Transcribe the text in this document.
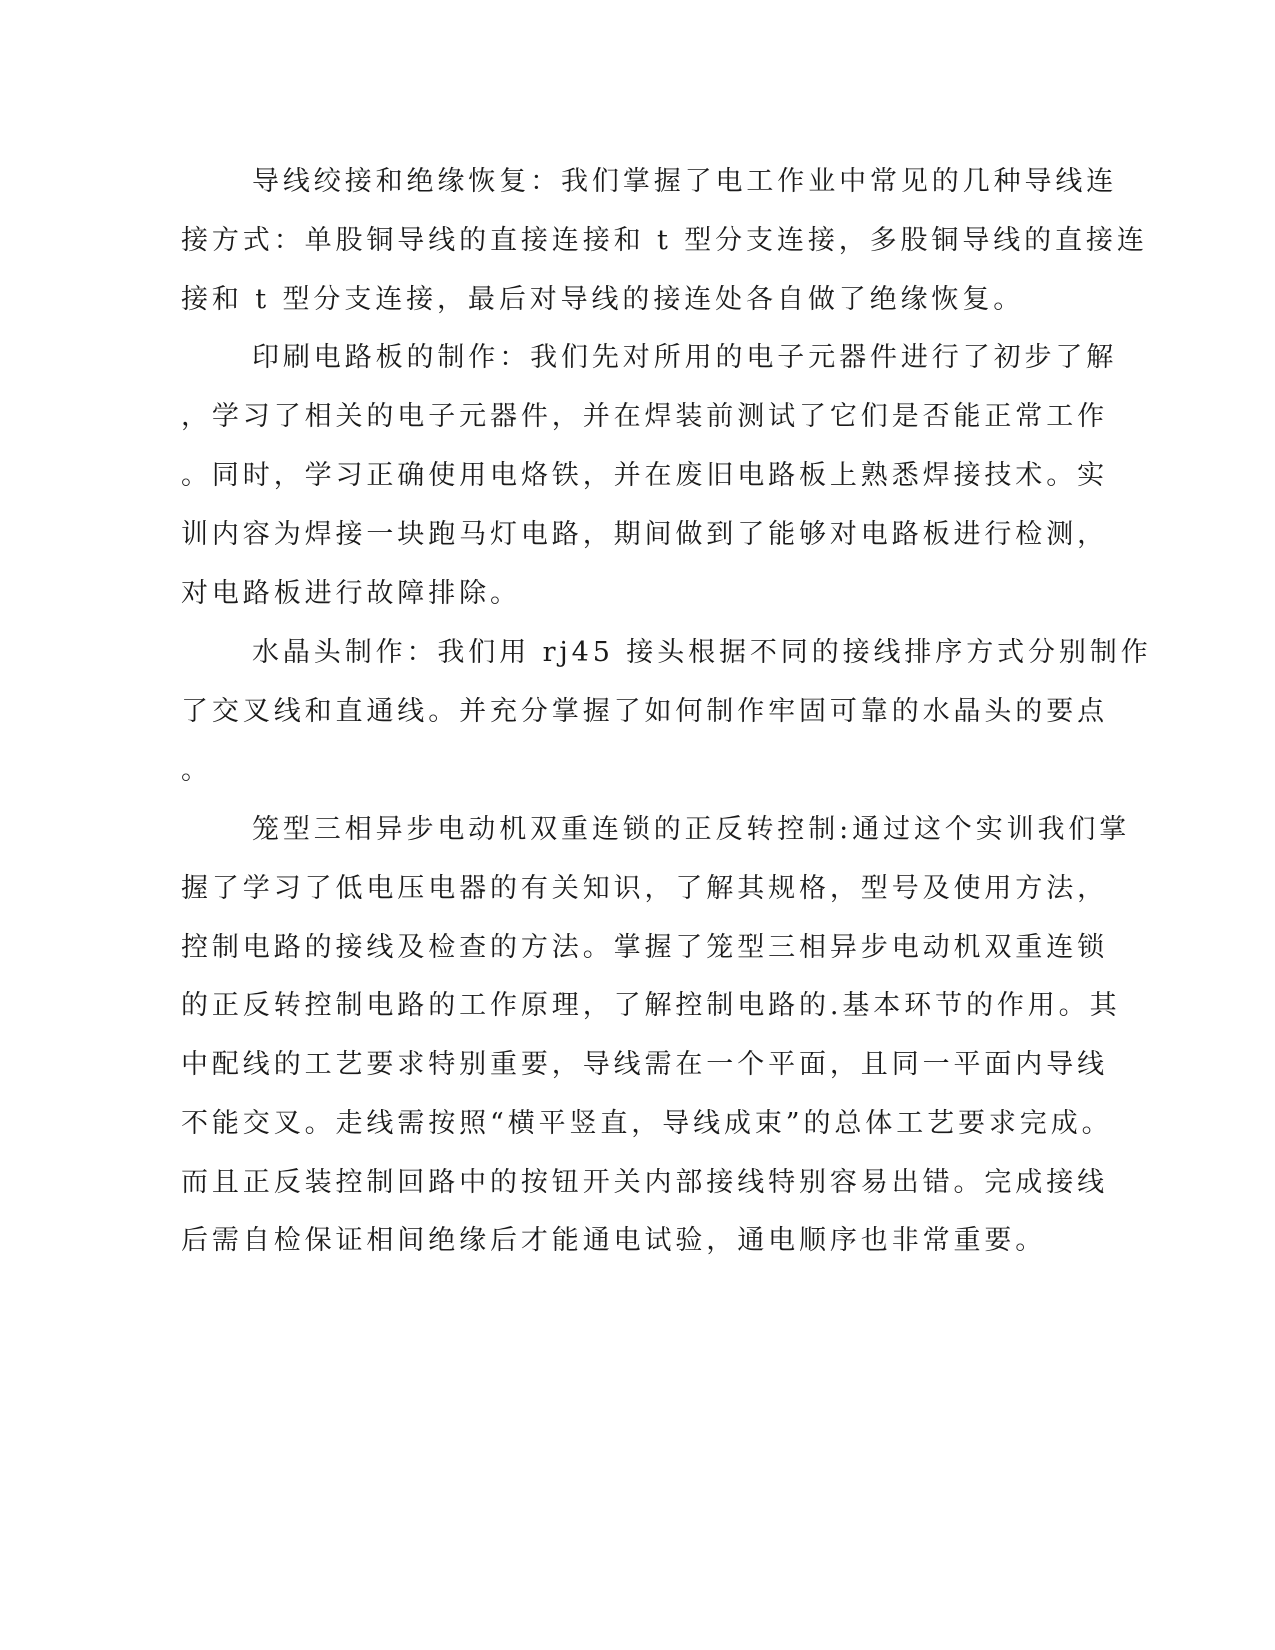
导线绞接和绝缘恢复：我们掌握了电工作业中常见的几种导线连
接方式：单股铜导线的直接连接和 t 型分支连接，多股铜导线的直接连
接和 t 型分支连接，最后对导线的接连处各自做了绝缘恢复。
印刷电路板的制作：我们先对所用的电子元器件进行了初步了解
，学习了相关的电子元器件，并在焊装前测试了它们是否能正常工作
。同时，学习正确使用电烙铁，并在废旧电路板上熟悉焊接技术。实
训内容为焊接一块跑马灯电路，期间做到了能够对电路板进行检测，
对电路板进行故障排除。
水晶头制作：我们用 rj45 接头根据不同的接线排序方式分别制作
了交叉线和直通线。并充分掌握了如何制作牢固可靠的水晶头的要点
。
笼型三相异步电动机双重连锁的正反转控制:通过这个实训我们掌
握了学习了低电压电器的有关知识，了解其规格，型号及使用方法，
控制电路的接线及检查的方法。掌握了笼型三相异步电动机双重连锁
的正反转控制电路的工作原理，了解控制电路的.基本环节的作用。其
中配线的工艺要求特别重要，导线需在一个平面，且同一平面内导线
不能交叉。走线需按照“横平竖直，导线成束”的总体工艺要求完成。
而且正反装控制回路中的按钮开关内部接线特别容易出错。完成接线
后需自检保证相间绝缘后才能通电试验，通电顺序也非常重要。
